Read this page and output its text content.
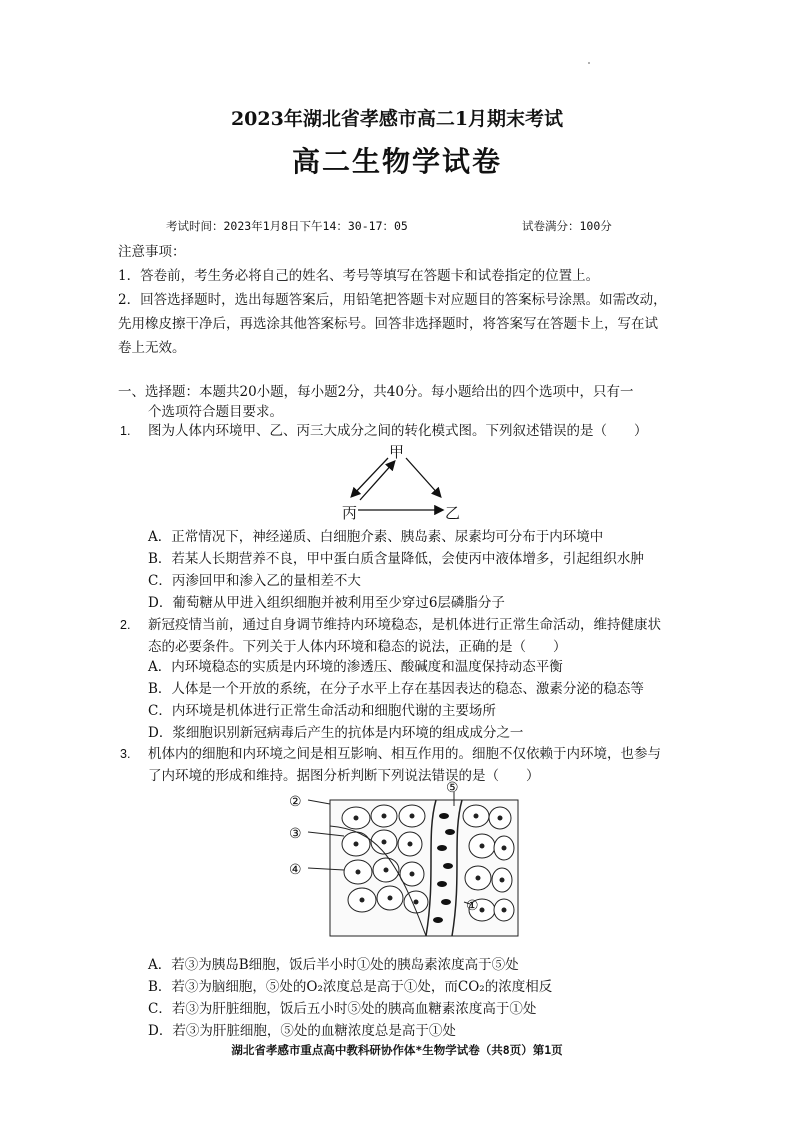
2023年湖北省孝感市高二1月期末考试
高二生物学试卷
考试时间：2023年1月8日下午14：30-17：05	试卷满分：100分
注意事项：
1．答卷前，考生务必将自己的姓名、考号等填写在答题卡和试卷指定的位置上。
2．回答选择题时，选出每题答案后，用铅笔把答题卡对应题目的答案标号涂黑。如需改动，
先用橡皮擦干净后，再选涂其他答案标号。回答非选择题时，将答案写在答题卡上，写在试
卷上无效。
一、选择题：本题共20小题，每小题2分，共40分。每小题给出的四个选项中，只有一
个选项符合题目要求。
1. 图为人体内环境甲、乙、丙三大成分之间的转化模式图。下列叙述错误的是（　　）
甲
丙	乙
A．正常情况下，神经递质、白细胞介素、胰岛素、尿素均可分布于内环境中
B．若某人长期营养不良，甲中蛋白质含量降低，会使丙中液体增多，引起组织水肿
C．丙渗回甲和渗入乙的量相差不大
D．葡萄糖从甲进入组织细胞并被利用至少穿过6层磷脂分子
2. 新冠疫情当前，通过自身调节维持内环境稳态，是机体进行正常生命活动，维持健康状
态的必要条件。下列关于人体内环境和稳态的说法，正确的是（　　）
A．内环境稳态的实质是内环境的渗透压、酸碱度和温度保持动态平衡
B．人体是一个开放的系统，在分子水平上存在基因表达的稳态、激素分泌的稳态等
C．内环境是机体进行正常生命活动和细胞代谢的主要场所
D．浆细胞识别新冠病毒后产生的抗体是内环境的组成成分之一
3. 机体内的细胞和内环境之间是相互影响、相互作用的。细胞不仅依赖于内环境，也参与
了内环境的形成和维持。据图分析判断下列说法错误的是（　　）
②
③
④
⑤
①
A．若③为胰岛B细胞，饭后半小时①处的胰岛素浓度高于⑤处
B．若③为脑细胞，⑤处的O₂浓度总是高于①处，而CO₂的浓度相反
C．若③为肝脏细胞，饭后五小时⑤处的胰高血糖素浓度高于①处
D．若③为肝脏细胞，⑤处的血糖浓度总是高于①处
湖北省孝感市重点高中教科研协作体*生物学试卷（共8页）第1页
